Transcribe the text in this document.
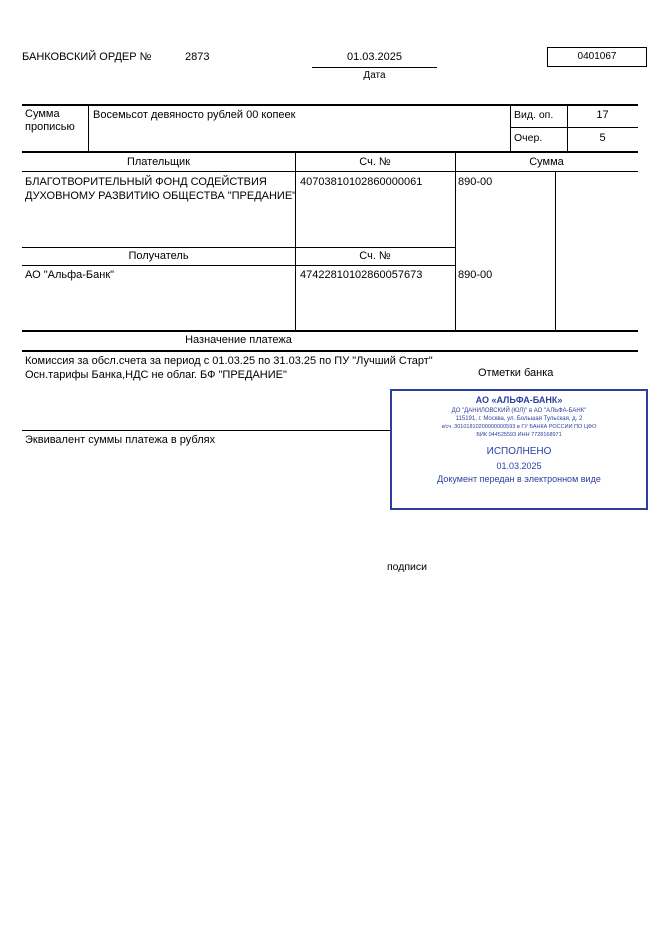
БАНКОВСКИЙ ОРДЕР №	2873	01.03.2025
Дата
0401067
Сумма прописью
Восемьсот девяносто рублей 00 копеек	Вид. оп.	17
Очер.	5
Плательщик	Сч. №	Сумма
БЛАГОТВОРИТЕЛЬНЫЙ ФОНД СОДЕЙСТВИЯ
ДУХОВНОМУ РАЗВИТИЮ ОБЩЕСТВА "ПРЕДАНИЕ"
40703810102860000061	890-00
Получатель	Сч. №
АО "Альфа-Банк"	47422810102860057673	890-00
Назначение платежа
Комиссия за обсл.счета за период с 01.03.25 по 31.03.25 по ПУ "Лучший Старт"
Осн.тарифы Банка,НДС не облаг. БФ "ПРЕДАНИЕ"	Отметки банка
АО «АЛЬФА-БАНК»
ДО "ДАНИЛОВСКИЙ (ЮЛ)" в АО "АЛЬФА-БАНК"
115191, г. Москва, ул. Большая Тульская, д. 2
к/сч. 30101810200000000593 в ГУ БАНКА РОССИИ ПО ЦФО
БИК 044525593 ИНН 7728168971
ИСПОЛНЕНО
01.03.2025
Документ передан в электронном виде
Эквивалент суммы платежа в рублях
подписи
